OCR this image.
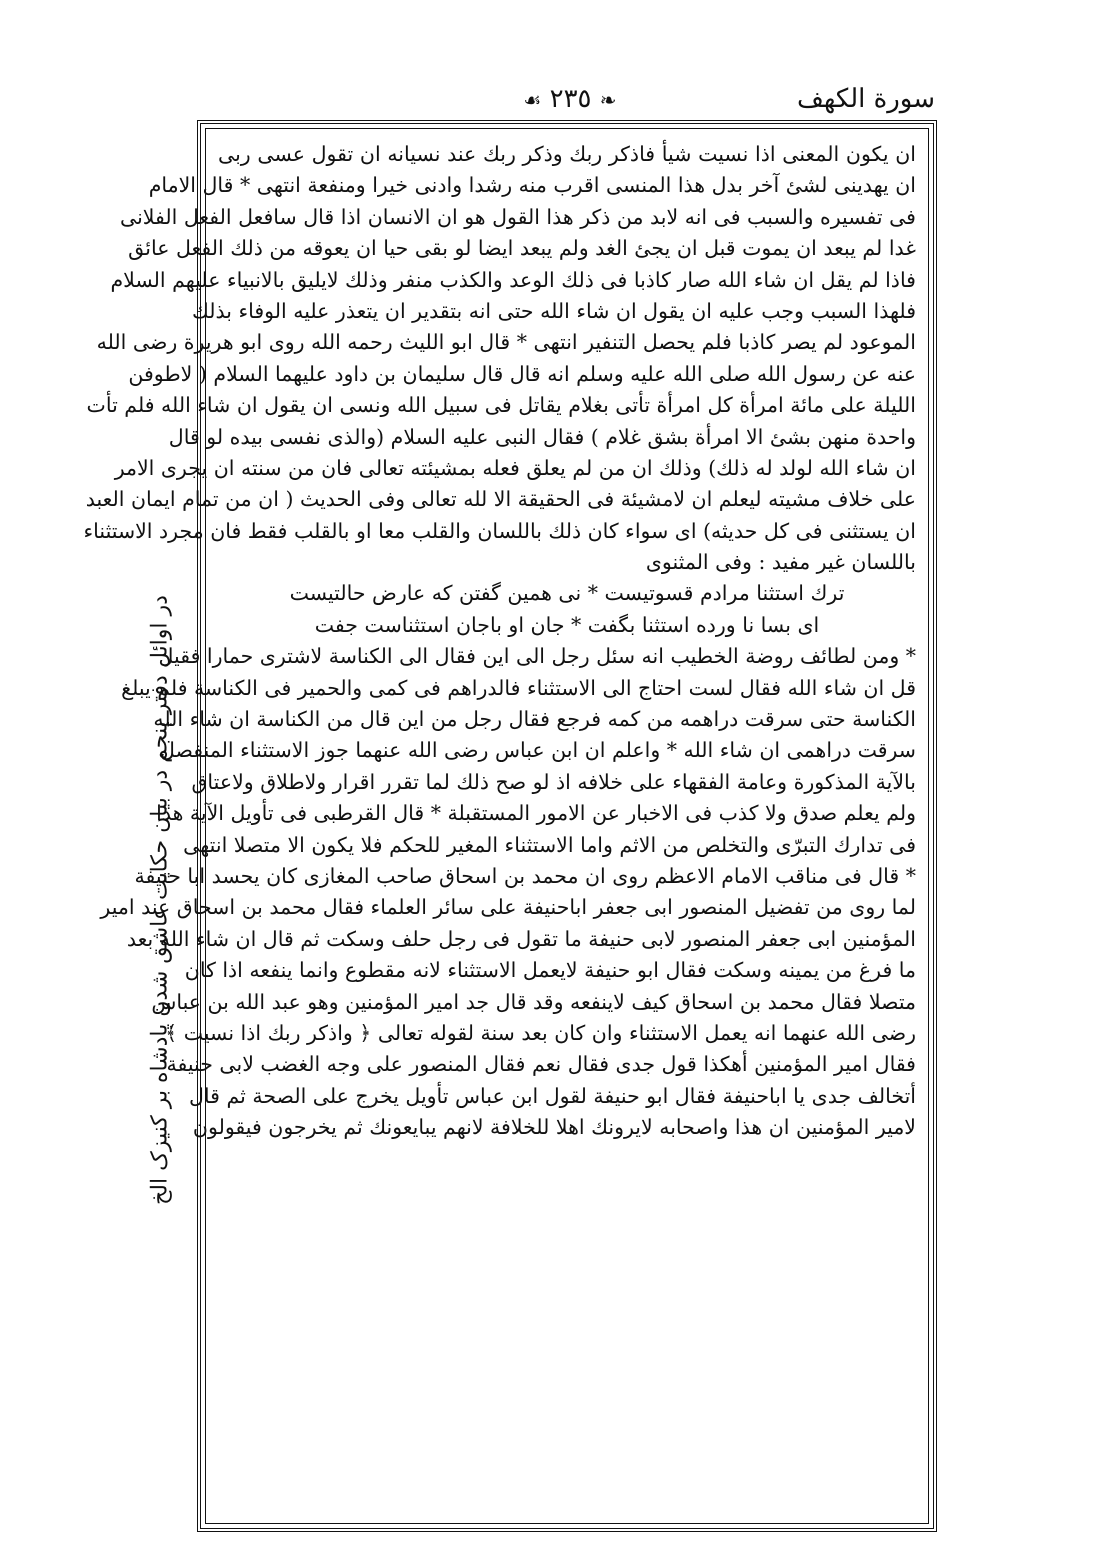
سورة الكهف
❧ ٢٣٥ ☙
در اوائل دفتر پنجم در بیان حکایت عاشق شدن پادشاه بر کنیزک الخ
ان يكون المعنى اذا نسيت شيأ فاذكر ربك وذكر ربك عند نسيانه ان تقول عسى ربى
ان يهدينى لشئ آخر بدل هذا المنسى اقرب منه رشدا وادنى خيرا ومنفعة انتهى * قال الامام
فى تفسيره والسبب فى انه لابد من ذكر هذا القول هو ان الانسان اذا قال سافعل الفعل الفلانى
غدا لم يبعد ان يموت قبل ان يجئ الغد ولم يبعد ايضا لو بقى حيا ان يعوقه من ذلك الفعل عائق
فاذا لم يقل ان شاء الله صار كاذبا فى ذلك الوعد والكذب منفر وذلك لايليق بالانبياء عليهم السلام
فلهذا السبب وجب عليه ان يقول ان شاء الله حتى انه بتقدير ان يتعذر عليه الوفاء بذلك
الموعود لم يصر كاذبا فلم يحصل التنفير انتهى * قال ابو الليث رحمه الله روى ابو هريرة رضى الله
عنه عن رسول الله صلى الله عليه وسلم انه قال قال سليمان بن داود عليهما السلام ( لاطوفن
الليلة على مائة امرأة كل امرأة تأتى بغلام يقاتل فى سبيل الله ونسى ان يقول ان شاء الله فلم تأت
واحدة منهن بشئ الا امرأة بشق غلام ) فقال النبى عليه السلام (والذى نفسى بيده لو قال
ان شاء الله لولد له ذلك) وذلك ان من لم يعلق فعله بمشيئته تعالى فان من سنته ان يجرى الامر
على خلاف مشيته ليعلم ان لامشيئة فى الحقيقة الا لله تعالى وفى الحديث ( ان من تمام ايمان العبد
ان يستثنى فى كل حديثه) اى سواء كان ذلك باللسان والقلب معا او بالقلب فقط فان مجرد الاستثناء
باللسان غير مفيد : وفى المثنوى
ترك استثنا مرادم قسوتيست * نى همين گفتن كه عارض حالتيست
اى بسا نا ورده استثنا بگفت * جان او باجان استثناست جفت
* ومن لطائف روضة الخطيب انه سئل رجل الى اين فقال الى الكناسة لاشترى حمارا فقيل
قل ان شاء الله فقال لست احتاج الى الاستثناء فالدراهم فى كمى والحمير فى الكناسة فلم يبلغ
الكناسة حتى سرقت دراهمه من كمه فرجع فقال رجل من اين قال من الكناسة ان شاء الله
سرقت دراهمى ان شاء الله * واعلم ان ابن عباس رضى الله عنهما جوز الاستثناء المنفصل
بالآية المذكورة وعامة الفقهاء على خلافه اذ لو صح ذلك لما تقرر اقرار ولاطلاق ولاعتاق
ولم يعلم صدق ولا كذب فى الاخبار عن الامور المستقبلة * قال القرطبى فى تأويل الآية هذا
فى تدارك التبرّى والتخلص من الاثم واما الاستثناء المغير للحكم فلا يكون الا متصلا انتهى
* قال فى مناقب الامام الاعظم روى ان محمد بن اسحاق صاحب المغازى كان يحسد ابا حنيفة
لما روى من تفضيل المنصور ابى جعفر اباحنيفة على سائر العلماء فقال محمد بن اسحاق عند امير
المؤمنين ابى جعفر المنصور لابى حنيفة ما تقول فى رجل حلف وسكت ثم قال ان شاء الله بعد
ما فرغ من يمينه وسكت فقال ابو حنيفة لايعمل الاستثناء لانه مقطوع وانما ينفعه اذا كان
متصلا فقال محمد بن اسحاق كيف لاينفعه وقد قال جد امير المؤمنين وهو عبد الله بن عباس
رضى الله عنهما انه يعمل الاستثناء وان كان بعد سنة لقوله تعالى ﴿ واذكر ربك اذا نسيت ﴾
فقال امير المؤمنين أهكذا قول جدى فقال نعم فقال المنصور على وجه الغضب لابى حنيفة
أتخالف جدى يا اباحنيفة فقال ابو حنيفة لقول ابن عباس تأويل يخرج على الصحة ثم قال
لامير المؤمنين ان هذا واصحابه لايرونك اهلا للخلافة لانهم يبايعونك ثم يخرجون فيقولون
